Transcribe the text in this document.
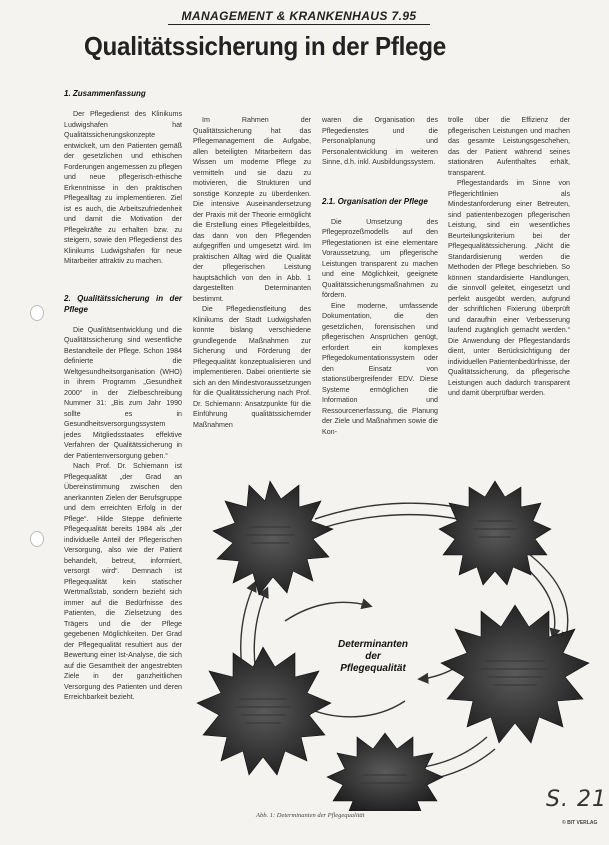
MANAGEMENT & KRANKENHAUS 7.95
Qualitätssicherung in der Pflege
1. Zusammenfassung

Der Pflegedienst des Klinikums Ludwigshafen hat Qualitätssicherungskonzepte entwickelt, um den Patienten gemäß der gesetzlichen und ethischen Forderungen angemessen zu pflegen und neue pflegerisch-ethische Erkenntnisse in den praktischen Pflegealltag zu implementieren. Ziel ist es auch, die Arbeitszufriedenheit und damit die Motivation der Pflegekräfte zu erhalten bzw. zu steigern, sowie den Pflegedienst des Klinikums Ludwigshafen für neue Mitarbeiter attraktiv zu machen.

2. Qualitätssicherung in der Pflege

Die Qualitätsentwicklung und die Qualitätssicherung sind wesentliche Bestandteile der Pflege. Schon 1984 definierte die Weltgesundheitsorganisation (WHO) in ihrem Programm „Gesundheit 2000“ in der Zielbeschreibung Nummer 31: „Bis zum Jahr 1990 sollte es in Gesundheitsversorgungssystem jedes Mitgliedsstaates effektive Verfahren der Qualitätssicherung in der Patientenversorgung geben.“

Nach Prof. Dr. Schiemann ist Pflegequalität „der Grad an Übereinstimmung zwischen den anerkannten Zielen der Berufsgruppe und dem erreichten Erfolg in der Pflege“. Hilde Steppe definierte Pflegequalität bereits 1984 als „der individuelle Anteil der Pflegerischen Versorgung, also wie der Patient behandelt, betreut, informiert, versorgt wird“. Demnach ist Pflegequalität kein statischer Wertmaßstab, sondern bezieht sich immer auf die Bedürfnisse des Patienten, die Zielsetzung des Trägers und die der Pflege gegebenen Möglichkeiten. Der Grad der Pflegequalität resultiert aus der Bewertung einer Ist-Analyse, die sich auf die Gesamtheit der angestrebten Ziele in der ganzheitlichen Versorgung des Patienten und deren Erreichbarkeit bezieht.

Im Rahmen der Qualitätssicherung hat das Pflegemanagement die Aufgabe, allen beteiligten Mitarbeitern das Wissen um moderne Pflege zu vermitteln und sie dazu zu motivieren, die Strukturen und sonstige Konzepte zu überdenken. Die intensive Auseinandersetzung der Praxis mit der Theorie ermöglicht die Erstellung eines Pflegeleitbildes, das dann von den Pflegenden aufgegriffen und umgesetzt wird. Im praktischen Alltag wird die Qualität der pflegerischen Leistung hauptsächlich von den in Abb. 1 dargestellten Determinanten bestimmt.

Die Pflegedienstleitung des Klinikums der Stadt Ludwigshafen konnte bislang verschiedene grundlegende Maßnahmen zur Sicherung und Förderung der Pflegequalität konzeptualisieren und implementieren. Dabei orientierte sie sich an den Mindestvoraussetzungen für die Qualitätssicherung nach Prof. Dr. Schiemann: Ansatzpunkte für die Einführung qualitätssichernder Maßnahmen

waren die Organisation des Pflegedienstes und die Personalplanung und Personalentwicklung im weiteren Sinne, d.h. inkl. Ausbildungssystem.

2.1. Organisation der Pflege

Die Umsetzung des Pflegeprozeßmodells auf den Pflegestationen ist eine elementare Voraussetzung, um pflegerische Leistungen transparent zu machen und eine Möglichkeit, geeignete Qualitätssicherungsmaßnahmen zu fördern.

Eine moderne, umfassende Dokumentation, die den gesetzlichen, forensischen und pflegerischen Ansprüchen genügt, erfordert ein komplexes Pflegedokumentationssystem oder den Einsatz von stationsübergreifender EDV. Diese Systeme ermöglichen die Information und Ressourcenerfassung, die Planung der Ziele und Maßnahmen sowie die Kon-

trolle über die Effizienz der pflegerischen Leistungen und machen das gesamte Leistungsgeschehen, das der Patient während seines stationären Aufenthaltes erhält, transparent.

Pflegestandards im Sinne von Pflegerichtlinien als Mindestanforderung einer Betreuten, sind patientenbezogen pflegerischen Leistung, sind ein wesentliches Beurteilungskriterium bei der Pflegequalitätssicherung. „Nicht die Standardisierung werden die Methoden der Pflege beschrieben. So können standardisierte Handlungen, die sinnvoll geleitet, eingesetzt und perfekt ausgeübt werden, aufgrund der schriftlichen Fixierung überprüft und daraufhin einer Verbesserung laufend zugänglich gemacht werden.“ Die Anwendung der Pflegestandards dient, unter Berücksichtigung der individuellen Patientenbedürfnisse, der Qualitätssicherung, da pflegerische Leistungen auch dadurch transparent und damit überprüfbar werden.

Determinanten
der
Pflegequalität
Abb. 1: Determinanten der Pflegequalität
S. 21
© BIT VERLAG
